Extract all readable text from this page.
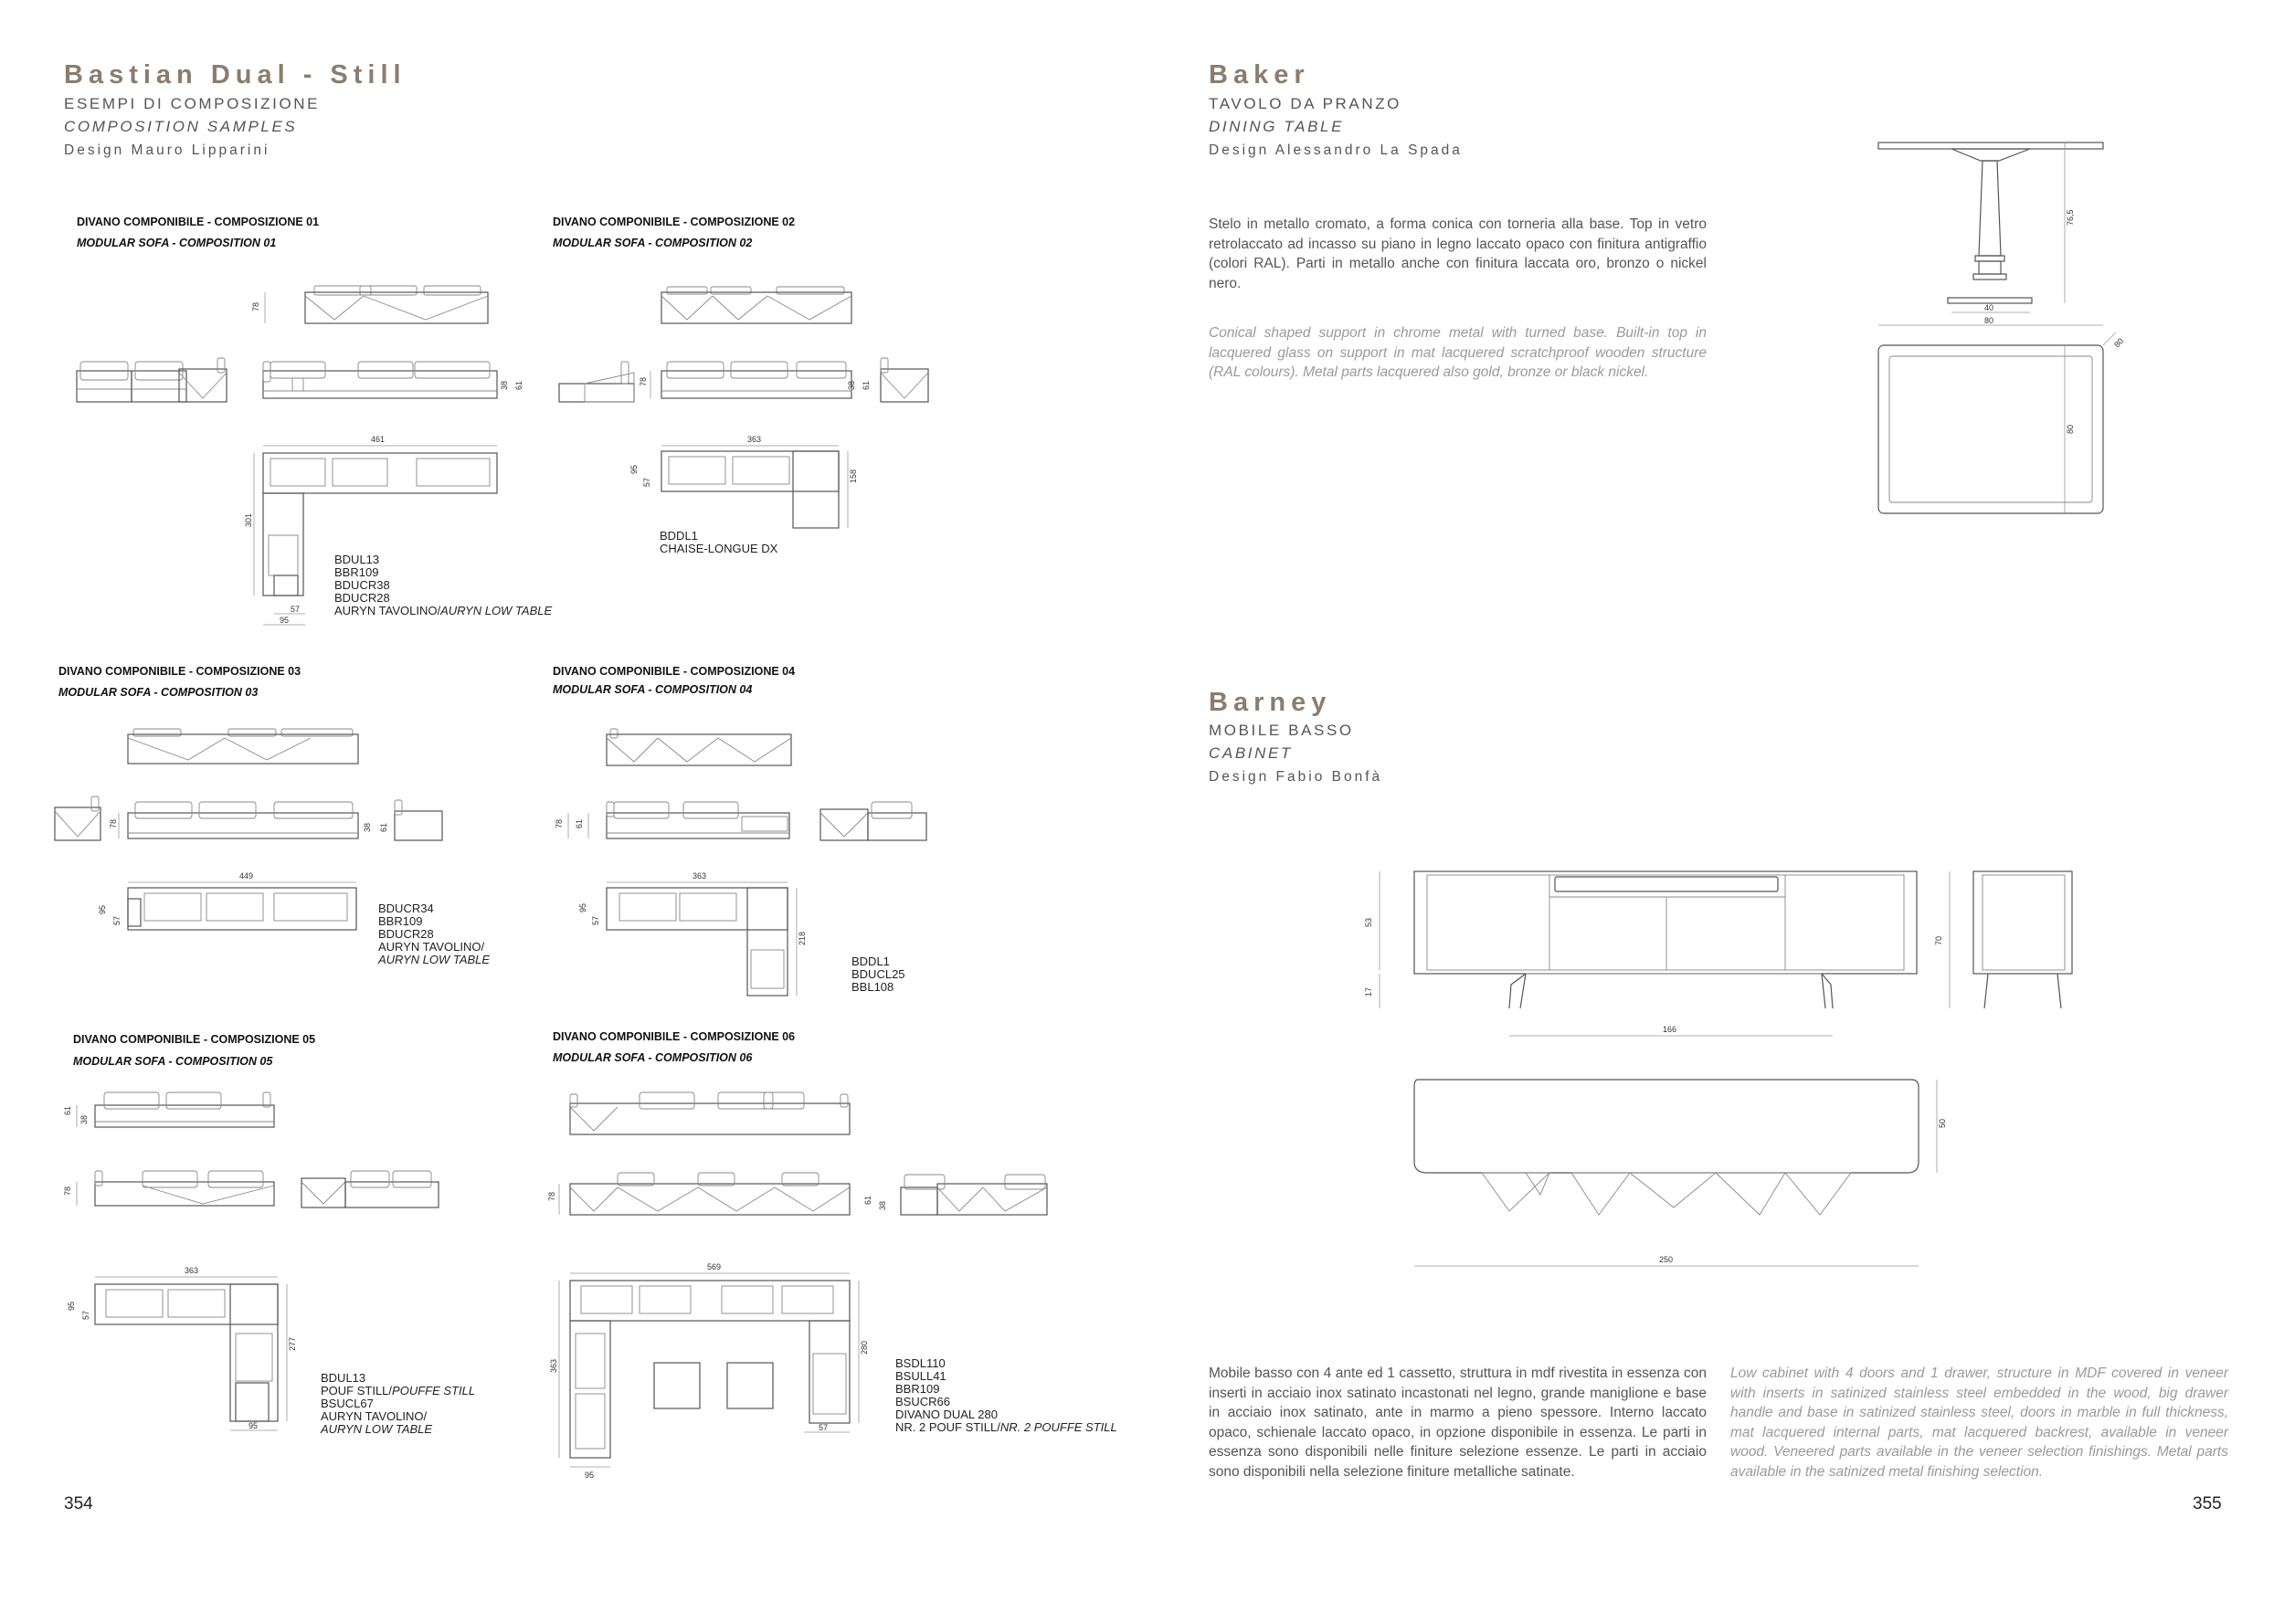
Bastian Dual - Still
ESEMPI DI COMPOSIZIONE
COMPOSITION SAMPLES
Design Mauro Lipparini
DIVANO COMPONIBILE - COMPOSIZIONE 01
MODULAR SOFA - COMPOSITION 01
DIVANO COMPONIBILE - COMPOSIZIONE 02
MODULAR SOFA - COMPOSITION 02
DIVANO COMPONIBILE - COMPOSIZIONE 03
MODULAR SOFA - COMPOSITION 03
DIVANO COMPONIBILE - COMPOSIZIONE 04
MODULAR SOFA - COMPOSITION 04
DIVANO COMPONIBILE - COMPOSIZIONE 05
MODULAR SOFA - COMPOSITION 05
DIVANO COMPONIBILE - COMPOSIZIONE 06
MODULAR SOFA - COMPOSITION 06
BDUL13
BBR109
BDUCR38
BDUCR28
AURYN TAVOLINO/AURYN LOW TABLE
BDDL1
CHAISE-LONGUE DX
BDUCR34
BBR109
BDUCR28
AURYN TAVOLINO/
AURYN LOW TABLE	BDDL1
BDUCL25
BBL108
BDUL13
POUF STILL/POUFFE STILL
BSUCL67
AURYN TAVOLINO/
AURYN LOW TABLE
BSDL110
BSULL41
BBR109
BSUCR66
DIVANO DUAL 280
NR. 2 POUF STILL/NR. 2 POUFFE STILL
78
38 61
461
301
57
95
78	38 61
363
158
95
57
78	38 61
449
95
57
78 61
363
218
95
57
61
38
78
363
277
95
57
95
78	61
38
569
363
280
57
95
354
Baker
TAVOLO DA PRANZO
DINING TABLE
Design Alessandro La Spada
Stelo in metallo cromato, a forma conica con torneria alla base. Top in vetro retrolaccato ad incasso su piano in legno laccato opaco con finitura antigraffio (colori RAL). Parti in metallo anche con finitura laccata oro, bronzo o nickel nero.
Conical shaped support in chrome metal with turned base. Built-in top in lacquered glass on support in mat lacquered scratchproof wooden structure (RAL colours). Metal parts lacquered also gold, bronze or black nickel.
Barney
MOBILE BASSO
CABINET
Design Fabio Bonfà
Mobile basso con 4 ante ed 1 cassetto, struttura in mdf rivestita in essenza con inserti in acciaio inox satinato incastonati nel legno, grande maniglione e base in acciaio inox satinato, ante in marmo a pieno spessore. Interno laccato opaco, schienale laccato opaco, in opzione disponibile in essenza. Le parti in essenza sono disponibili nelle finiture selezione essenze. Le parti in acciaio sono disponibili nella selezione finiture metalliche satinate.
Low cabinet with 4 doors and 1 drawer, structure in MDF covered in veneer with inserts in satinized stainless steel embedded in the wood, big drawer handle and base in satinized stainless steel, doors in marble in full thickness, mat lacquered internal parts, mat lacquered backrest, available in veneer wood. Veneered parts available in the veneer selection finishings. Metal parts available in the satinized metal finishing selection.
76,5
40
80
80
80
53
17
166
70
50
250
355
